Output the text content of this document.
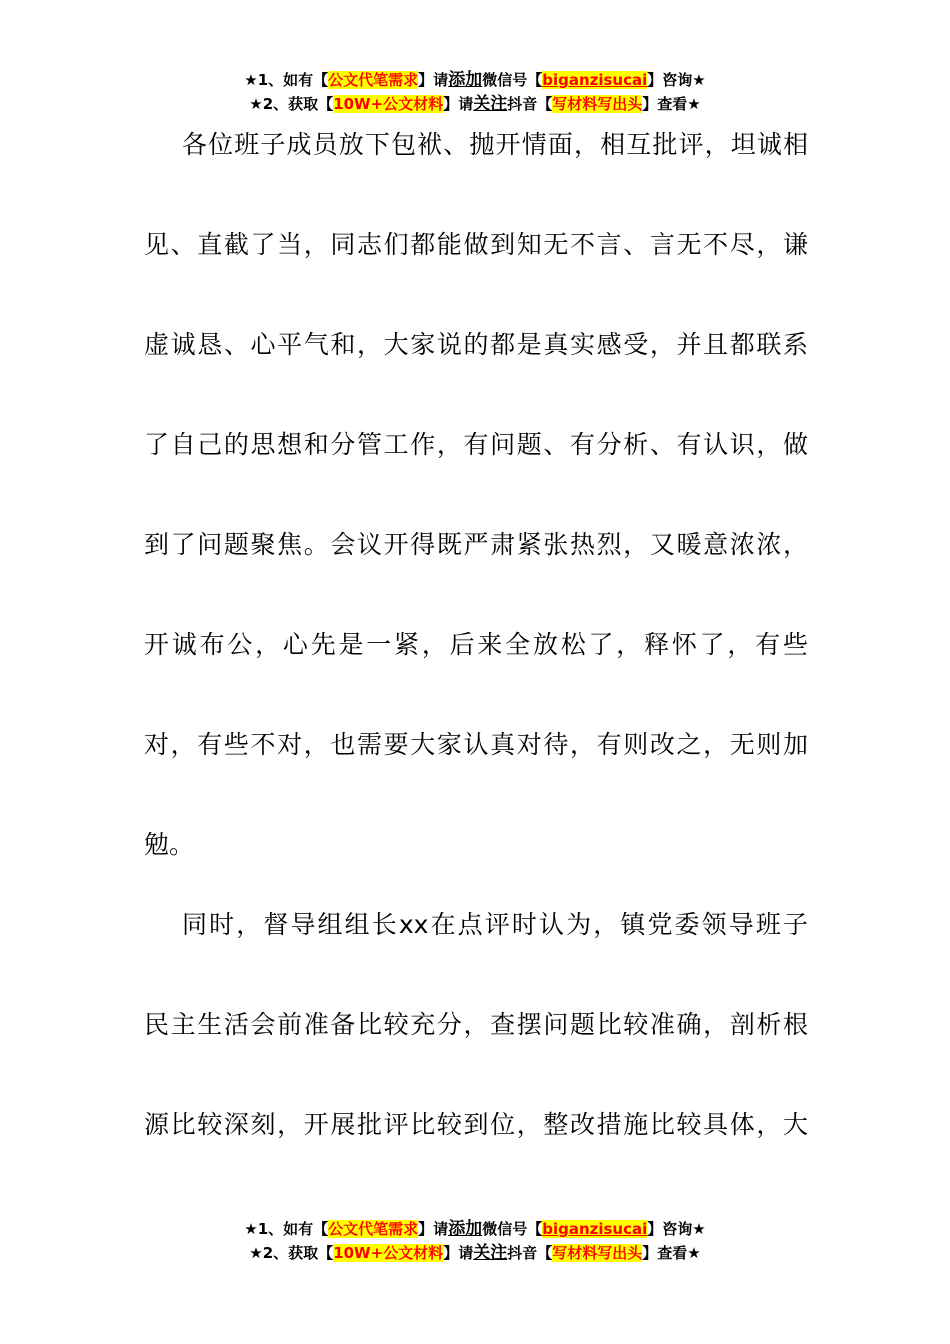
★1、如有【公文代笔需求】请添加微信号【biganzisucai】咨询★
★2、获取【10W+公文材料】请关注抖音【写材料写出头】查看★
各位班子成员放下包袱、抛开情面，相互批评，坦诚相
见、直截了当，同志们都能做到知无不言、言无不尽，谦
虚诚恳、心平气和，大家说的都是真实感受，并且都联系
了自己的思想和分管工作，有问题、有分析、有认识，做
到了问题聚焦。会议开得既严肃紧张热烈，又暖意浓浓，
开诚布公，心先是一紧，后来全放松了，释怀了，有些
对，有些不对，也需要大家认真对待，有则改之，无则加
勉。
同时，督导组组长xx在点评时认为，镇党委领导班子
民主生活会前准备比较充分，查摆问题比较准确，剖析根
源比较深刻，开展批评比较到位，整改措施比较具体，大
★1、如有【公文代笔需求】请添加微信号【biganzisucai】咨询★
★2、获取【10W+公文材料】请关注抖音【写材料写出头】查看★
